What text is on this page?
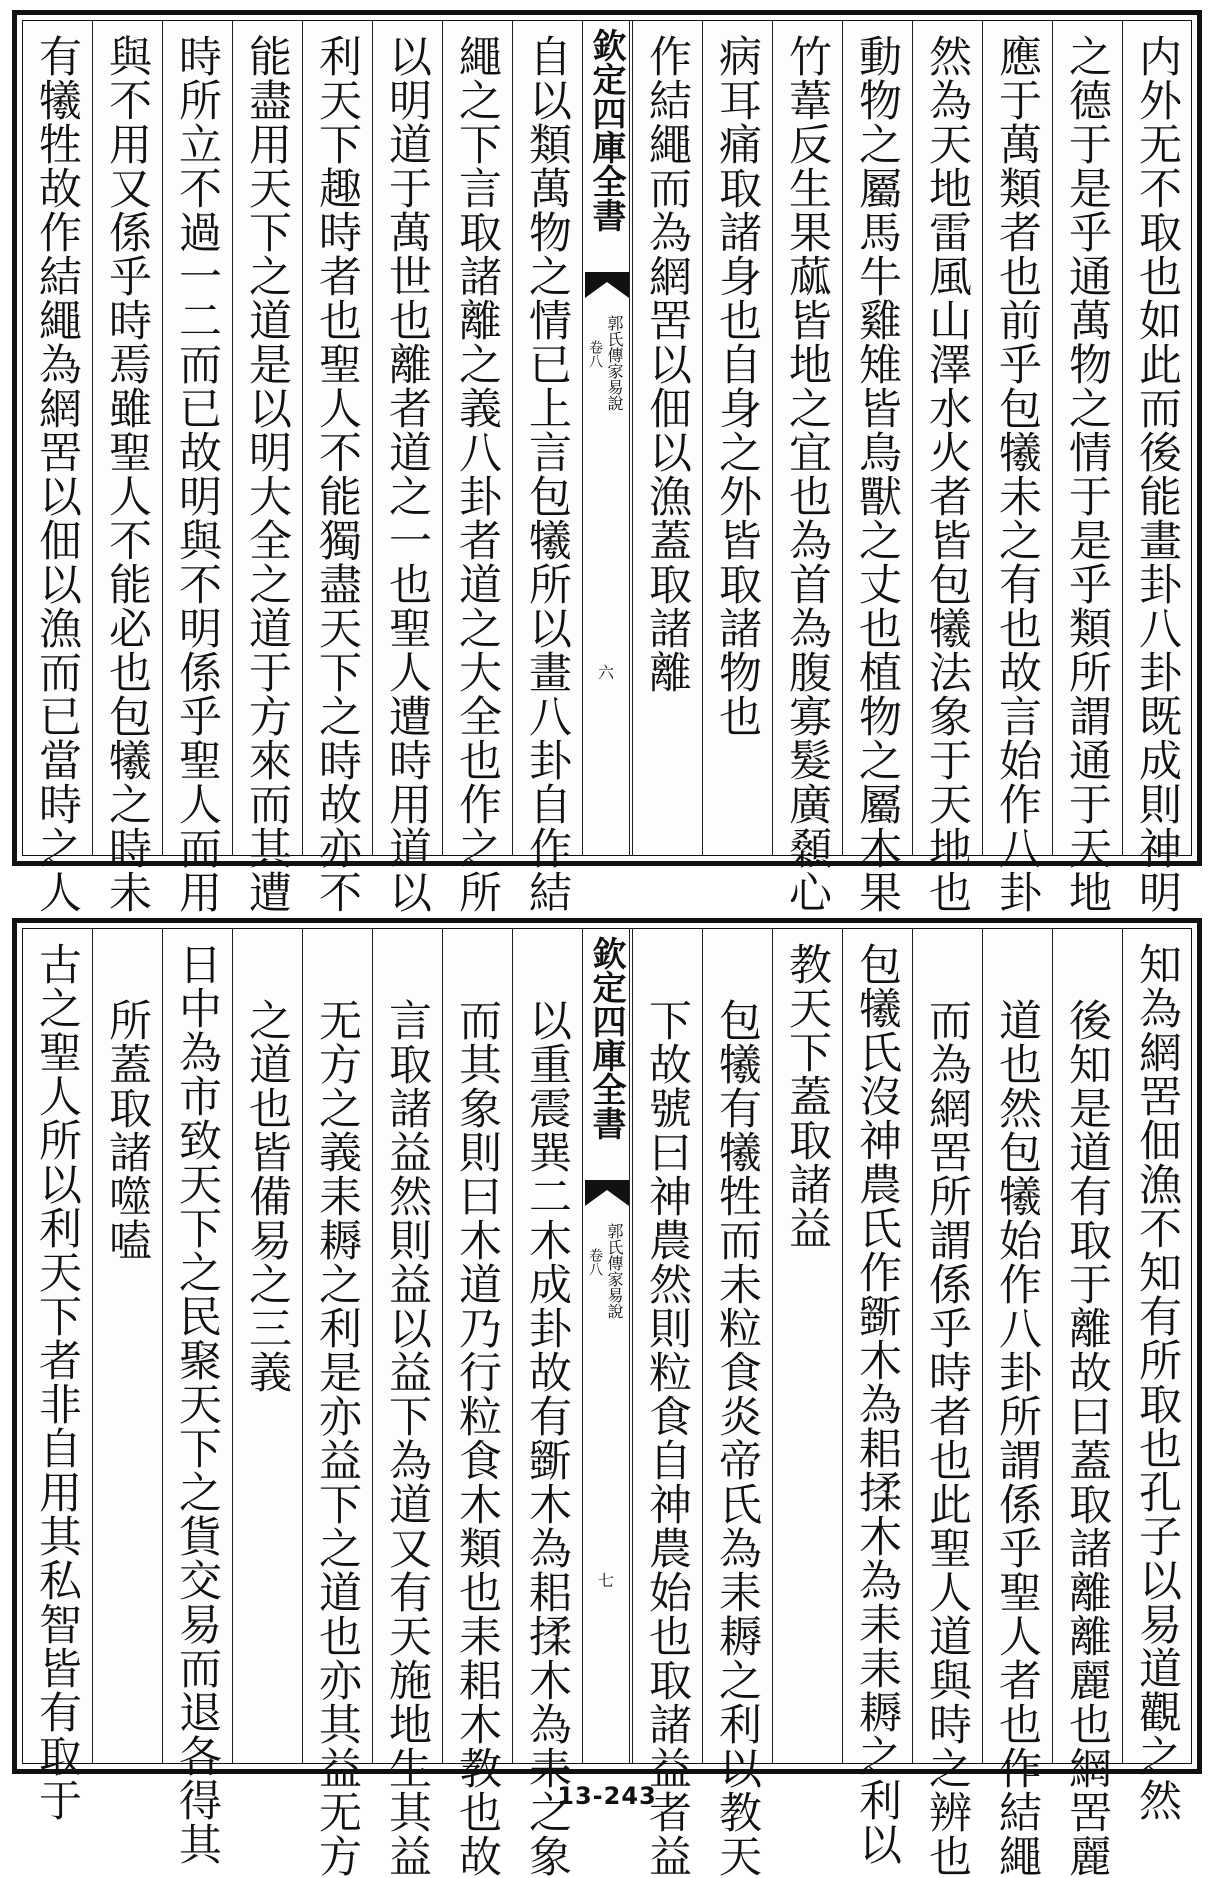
内外无不取也如此而後能畫卦八卦既成則神明
之德于是乎通萬物之情于是乎類所謂通于天地
應于萬類者也前乎包犧未之有也故言始作八卦
然為天地雷風山澤水火者皆包犧法象于天地也
動物之屬馬牛雞雉皆鳥獸之丈也植物之屬木果
竹葦反生果蓏皆地之宜也為首為腹寡髮廣顙心
病耳痛取諸身也自身之外皆取諸物也
作結繩而為網罟以佃以漁蓋取諸離
欽定四庫全書
郭氏傳家易說
卷八
六
自以類萬物之情已上言包犧所以畫八卦自作結
繩之下言取諸離之義八卦者道之大全也作之所
以明道于萬世也離者道之一也聖人遭時用道以
利天下趣時者也聖人不能獨盡天下之時故亦不
能盡用天下之道是以明大全之道于方來而其遭
時所立不過一二而已故明與不明係乎聖人而用
與不用又係乎時焉雖聖人不能必也包犧之時未
有犧牲故作結繩為網罟以佃以漁而已當時之人
知為網罟佃漁不知有所取也孔子以易道觀之然
後知是道有取于離故曰蓋取諸離離麗也網罟麗
道也然包犧始作八卦所謂係乎聖人者也作結繩
而為網罟所謂係乎時者也此聖人道與時之辨也
包犧氏沒神農氏作斵木為耜揉木為耒耒耨之利以
教天下蓋取諸益
包犧有犧牲而未粒食炎帝氏為耒耨之利以教天
下故號曰神農然則粒食自神農始也取諸益者益
欽定四庫全書
郭氏傳家易說
卷八
七
以重震巽二木成卦故有斵木為耜揉木為耒之象
而其象則曰木道乃行粒食木類也耒耜木教也故
言取諸益然則益以益下為道又有天施地生其益
无方之義耒耨之利是亦益下之道也亦其益无方
之道也皆備易之三義
日中為市致天下之民聚天下之貨交易而退各得其
所蓋取諸噬嗑
古之聖人所以利天下者非自用其私智皆有取于	13-243
